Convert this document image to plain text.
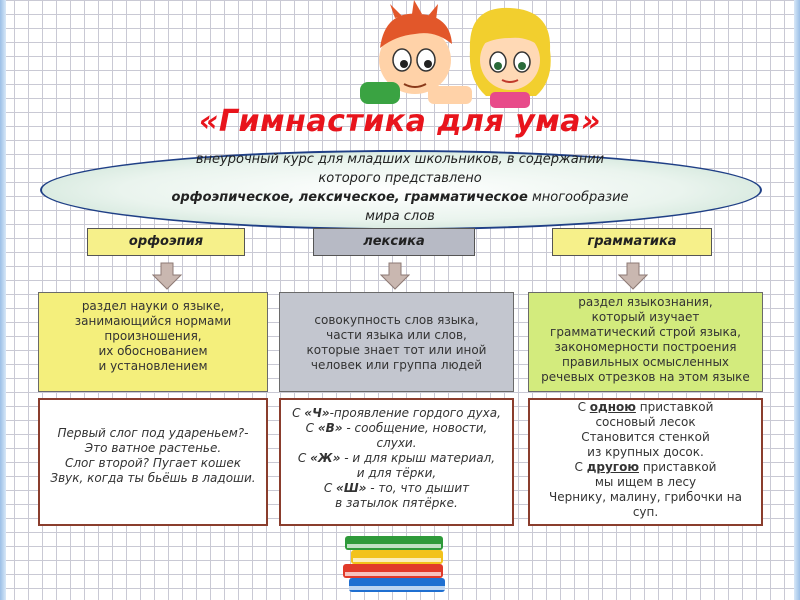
«Гимнастика для ума»
внеурочный курс для младших школьников, в содержании
которого представлено
орфоэпическое, лексическое, грамматическое многообразие
мира слов
орфоэпия	лексика	грамматика
раздел науки о языке,
занимающийся нормами
произношения,
их обоснованием
и установлением
совокупность слов языка,
части языка или слов,
которые знает тот или иной
человек или группа людей
раздел языкознания,
который изучает
грамматический строй языка,
закономерности построения
правильных осмысленных
речевых отрезков на этом языке
Первый слог под удареньем?-
Это ватное растенье.
Слог второй? Пугает кошек
Звук, когда ты бьёшь в ладоши.
С «Ч»-проявление гордого духа,
С «В» - сообщение, новости,
слухи.
С «Ж» - и для крыш материал,
и для тёрки,
С «Ш» - то, что дышит
в затылок пятёрке.
С одною приставкой
сосновый лесок
Становится стенкой
из крупных досок.
С другою приставкой
мы ищем в лесу
Чернику, малину, грибочки на
суп.
